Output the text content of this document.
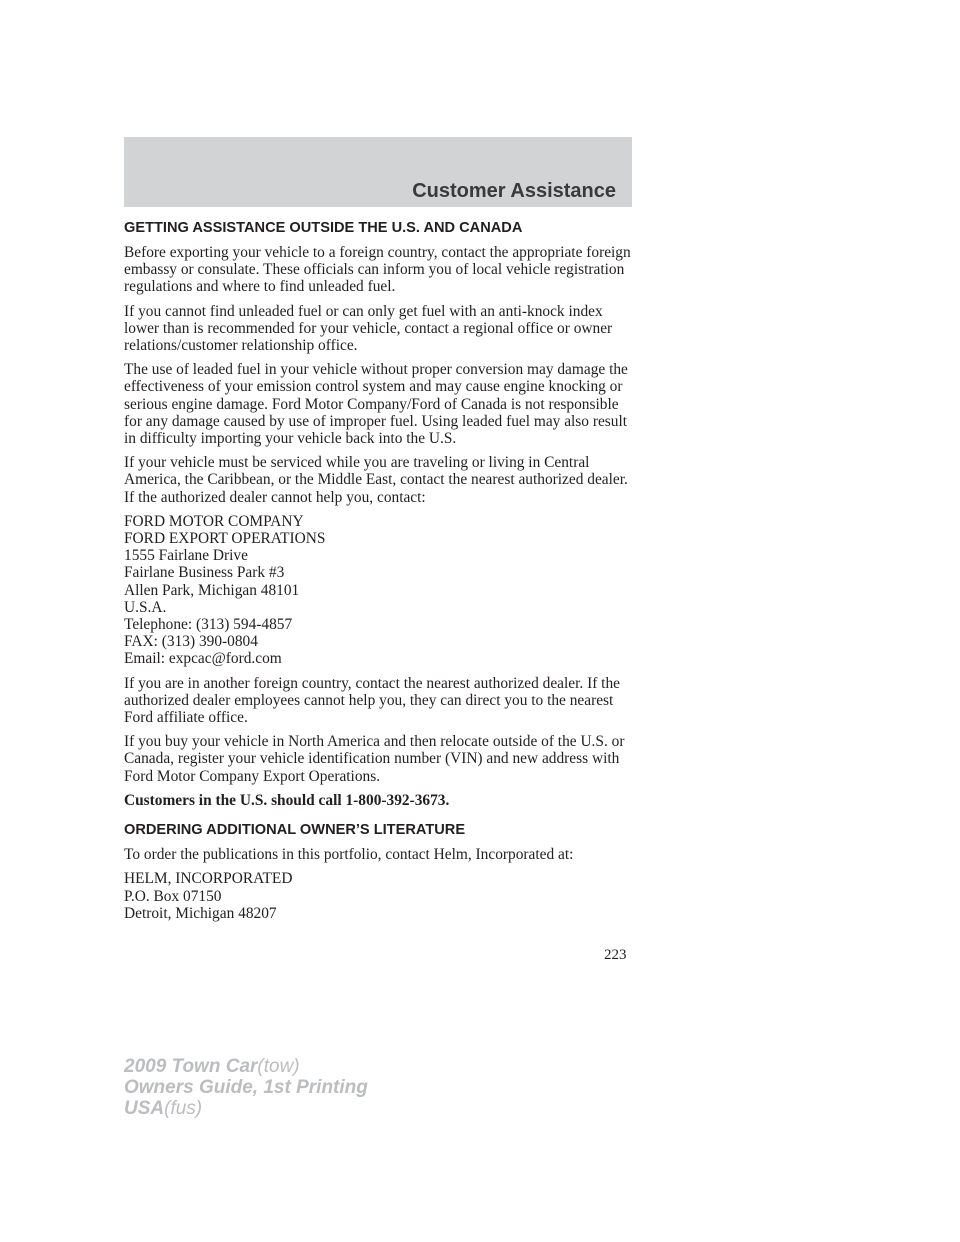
Customer Assistance
GETTING ASSISTANCE OUTSIDE THE U.S. AND CANADA

Before exporting your vehicle to a foreign country, contact the appropriate foreign embassy or consulate. These officials can inform you of local vehicle registration regulations and where to find unleaded fuel.

If you cannot find unleaded fuel or can only get fuel with an anti-knock index lower than is recommended for your vehicle, contact a regional office or owner relations/customer relationship office.

The use of leaded fuel in your vehicle without proper conversion may damage the effectiveness of your emission control system and may cause engine knocking or serious engine damage. Ford Motor Company/Ford of Canada is not responsible for any damage caused by use of improper fuel. Using leaded fuel may also result in difficulty importing your vehicle back into the U.S.

If your vehicle must be serviced while you are traveling or living in Central America, the Caribbean, or the Middle East, contact the nearest authorized dealer. If the authorized dealer cannot help you, contact:

FORD MOTOR COMPANY
FORD EXPORT OPERATIONS
1555 Fairlane Drive
Fairlane Business Park #3
Allen Park, Michigan 48101
U.S.A.
Telephone: (313) 594-4857
FAX: (313) 390-0804
Email: expcac@ford.com

If you are in another foreign country, contact the nearest authorized dealer. If the authorized dealer employees cannot help you, they can direct you to the nearest Ford affiliate office.

If you buy your vehicle in North America and then relocate outside of the U.S. or Canada, register your vehicle identification number (VIN) and new address with Ford Motor Company Export Operations.

Customers in the U.S. should call 1-800-392-3673.

ORDERING ADDITIONAL OWNER’S LITERATURE

To order the publications in this portfolio, contact Helm, Incorporated at:

HELM, INCORPORATED
P.O. Box 07150
Detroit, Michigan 48207
223
2009 Town Car(tow)
Owners Guide, 1st Printing
USA(fus)
